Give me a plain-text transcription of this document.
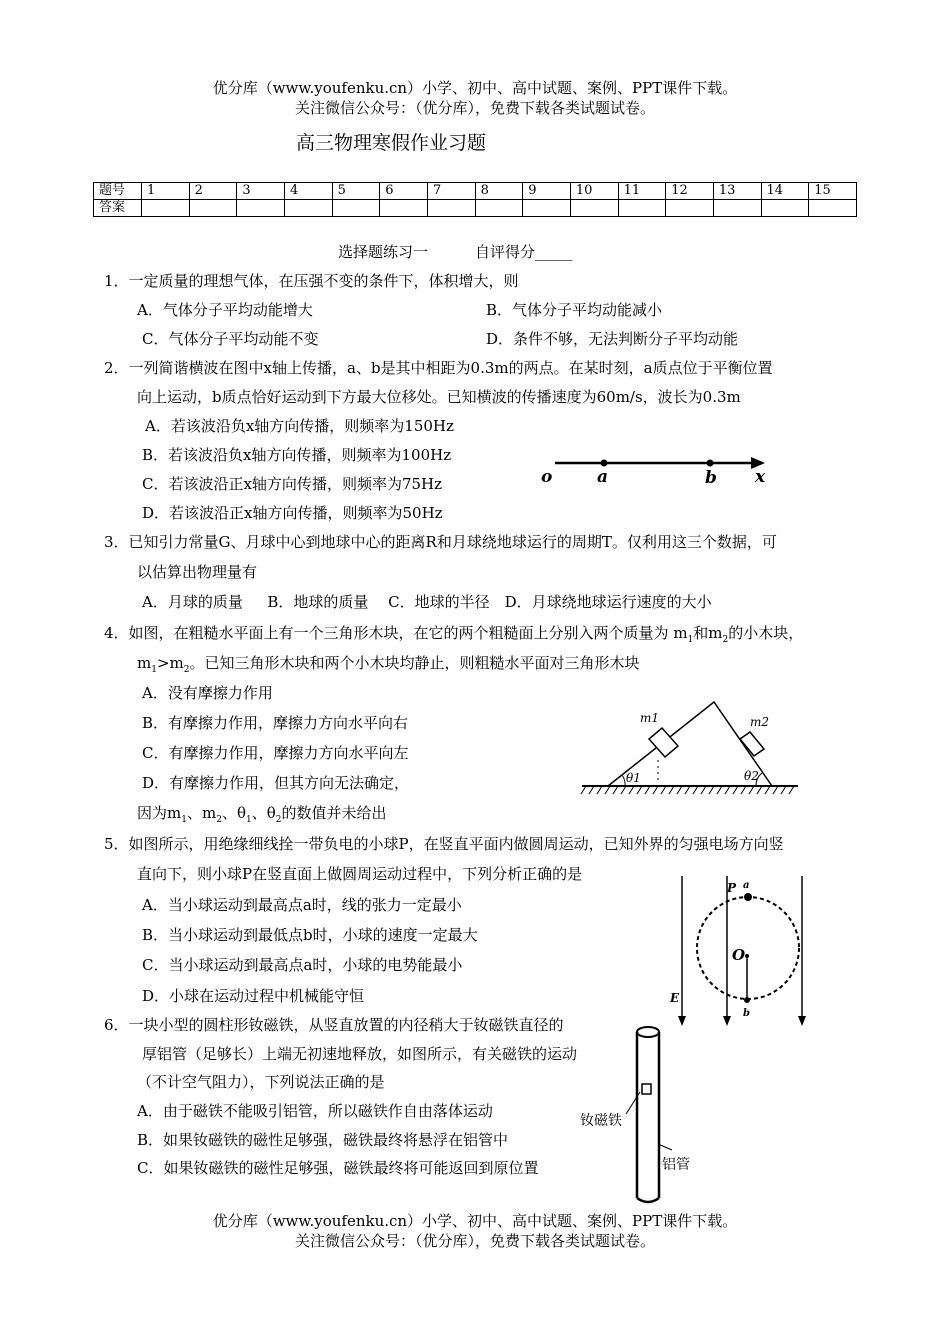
优分库（www.youfenku.cn）小学、初中、高中试题、案例、PPT课件下载。
关注微信公众号：（优分库），免费下载各类试题试卷。
高三物理寒假作业习题
题号	1	2	3	4	5	6	7	8	9	10	11	12	13	14	15
答案															
选择题练习一	自评得分_____
1．一定质量的理想气体，在压强不变的条件下，体积增大，则
A．气体分子平均动能增大	B．气体分子平均动能减小
C．气体分子平均动能不变	D．条件不够，无法判断分子平均动能
2．一列简谐横波在图中x轴上传播，a、b是其中相距为0.3m的两点。在某时刻，a质点位于平衡位置
向上运动，b质点恰好运动到下方最大位移处。已知横波的传播速度为60m/s，波长为0.3m
A．若该波沿负x轴方向传播，则频率为150Hz
B．若该波沿负x轴方向传播，则频率为100Hz
C．若该波沿正x轴方向传播，则频率为75Hz
D．若该波沿正x轴方向传播，则频率为50Hz
o	a	b x
3．已知引力常量G、月球中心到地球中心的距离R和月球绕地球运行的周期T。仅利用这三个数据，可
以估算出物理量有
A．月球的质量　  B．地球的质量　 C．地球的半径　D．月球绕地球运行速度的大小
4．如图，在粗糙水平面上有一个三角形木块，在它的两个粗糙面上分别入两个质量为 $m_1$和$m_2$的小木块，
$m_1>m_2$。已知三角形木块和两个小木块均静止，则粗糙水平面对三角形木块
A．没有摩擦力作用
B．有摩擦力作用，摩擦力方向水平向右
C．有摩擦力作用，摩擦力方向水平向左
D．有摩擦力作用，但其方向无法确定，
因为$m_1$、$m_2$、$\theta_1$、$\theta_2$的数值并未给出
m1	m2
θ1	θ2
5．如图所示，用绝缘细线拴一带负电的小球P，在竖直平面内做圆周运动，已知外界的匀强电场方向竖
直向下，则小球P在竖直面上做圆周运动过程中，下列分析正确的是
A．当小球运动到最高点a时，线的张力一定最小
B．当小球运动到最低点b时，小球的速度一定最大
C．当小球运动到最高点a时，小球的电势能最小
D．小球在运动过程中机械能守恒
P a
O
b
E
6．一块小型的圆柱形钕磁铁，从竖直放置的内径稍大于钕磁铁直径的
厚铝管（足够长）上端无初速地释放，如图所示，有关磁铁的运动
（不计空气阻力），下列说法正确的是
A．由于磁铁不能吸引铝管，所以磁铁作自由落体运动
B．如果钕磁铁的磁性足够强，磁铁最终将悬浮在铝管中
C．如果钕磁铁的磁性足够强，磁铁最终将可能返回到原位置
钕磁铁
铝管
优分库（www.youfenku.cn）小学、初中、高中试题、案例、PPT课件下载。
关注微信公众号：（优分库），免费下载各类试题试卷。
